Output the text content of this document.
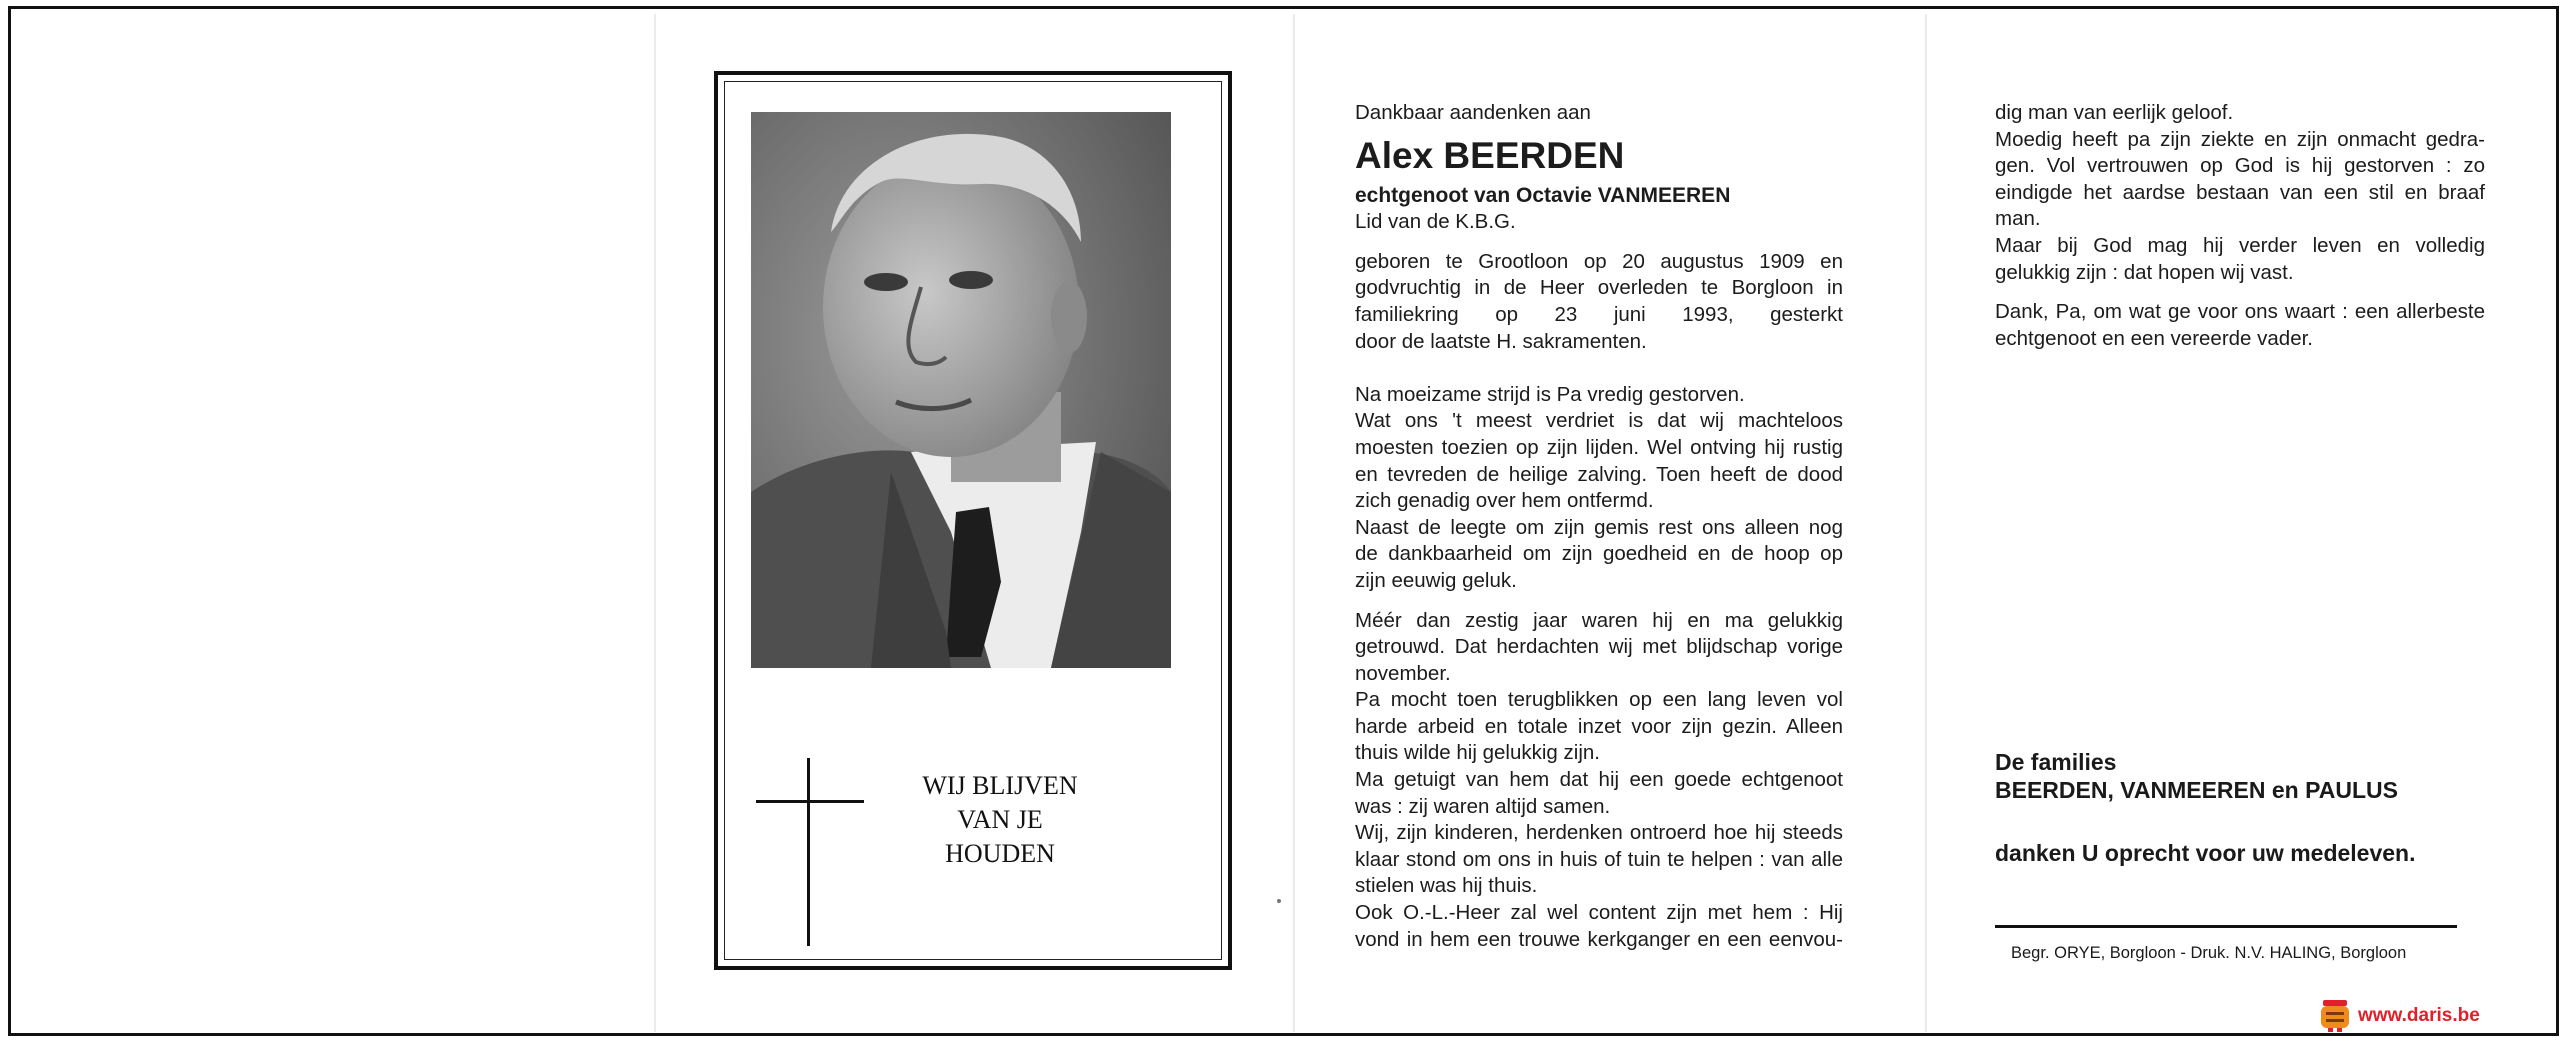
WIJ BLIJVEN
VAN JE
HOUDEN
Dankbaar aandenken aan
Alex BEERDEN
echtgenoot van Octavie VANMEEREN
Lid van de K.B.G.
geboren te Grootloon op 20 augustus 1909 en
godvruchtig in de Heer overleden te Borgloon in
familiekring op 23 juni 1993, gesterkt
door de laatste H. sakramenten.
Na moeizame strijd is Pa vredig gestorven.
Wat ons 't meest verdriet is dat wij machteloos
moesten toezien op zijn lijden. Wel ontving hij rustig
en tevreden de heilige zalving. Toen heeft de dood
zich genadig over hem ontfermd.
Naast de leegte om zijn gemis rest ons alleen nog
de dankbaarheid om zijn goedheid en de hoop op
zijn eeuwig geluk.
Méér dan zestig jaar waren hij en ma gelukkig
getrouwd. Dat herdachten wij met blijdschap vorige
november.
Pa mocht toen terugblikken op een lang leven vol
harde arbeid en totale inzet voor zijn gezin. Alleen
thuis wilde hij gelukkig zijn.
Ma getuigt van hem dat hij een goede echtgenoot
was : zij waren altijd samen.
Wij, zijn kinderen, herdenken ontroerd hoe hij steeds
klaar stond om ons in huis of tuin te helpen : van alle
stielen was hij thuis.
Ook O.-L.-Heer zal wel content zijn met hem : Hij
vond in hem een trouwe kerkganger en een eenvou-
dig man van eerlijk geloof.
Moedig heeft pa zijn ziekte en zijn onmacht gedra-
gen. Vol vertrouwen op God is hij gestorven : zo
eindigde het aardse bestaan van een stil en braaf
man.
Maar bij God mag hij verder leven en volledig
gelukkig zijn : dat hopen wij vast.
Dank, Pa, om wat ge voor ons waart : een allerbeste
echtgenoot en een vereerde vader.
De families
BEERDEN, VANMEEREN en PAULUS
danken U oprecht voor uw medeleven.
Begr. ORYE, Borgloon - Druk. N.V. HALING, Borgloon
www.daris.be
